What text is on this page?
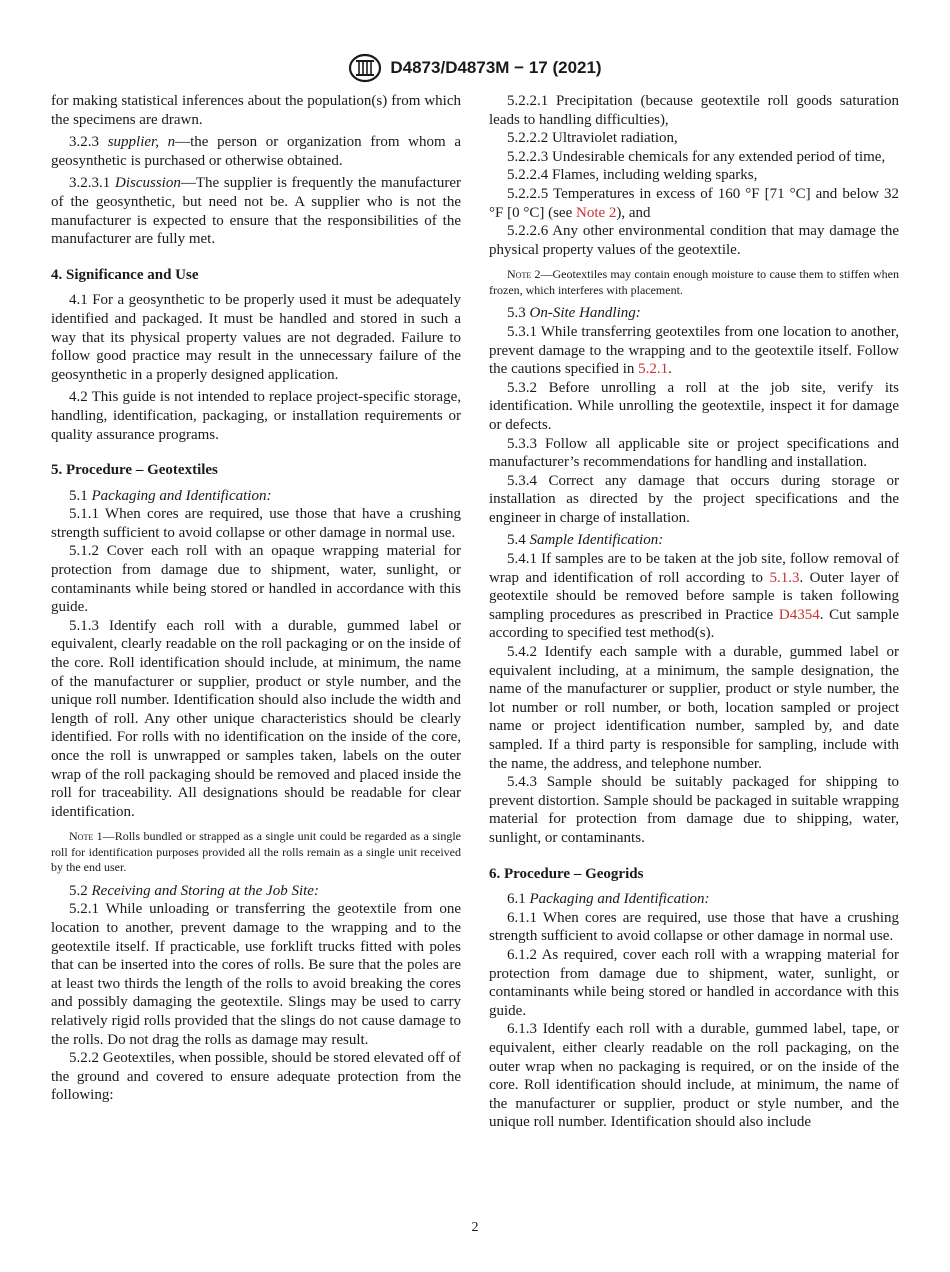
D4873/D4873M − 17 (2021)

for making statistical inferences about the population(s) from which the specimens are drawn.

3.2.3 supplier, n—the person or organization from whom a geosynthetic is purchased or otherwise obtained.

3.2.3.1 Discussion—The supplier is frequently the manufacturer of the geosynthetic, but need not be. A supplier who is not the manufacturer is expected to ensure that the responsibilities of the manufacturer are fully met.

4. Significance and Use

4.1 For a geosynthetic to be properly used it must be adequately identified and packaged. It must be handled and stored in such a way that its physical property values are not degraded. Failure to follow good practice may result in the unnecessary failure of the geosynthetic in a properly designed application.

4.2 This guide is not intended to replace project-specific storage, handling, identification, packaging, or installation requirements or quality assurance programs.

5. Procedure – Geotextiles

5.1 Packaging and Identification:

5.1.1 When cores are required, use those that have a crushing strength sufficient to avoid collapse or other damage in normal use.

5.1.2 Cover each roll with an opaque wrapping material for protection from damage due to shipment, water, sunlight, or contaminants while being stored or handled in accordance with this guide.

5.1.3 Identify each roll with a durable, gummed label or equivalent, clearly readable on the roll packaging or on the inside of the core. Roll identification should include, at minimum, the name of the manufacturer or supplier, product or style number, and the unique roll number. Identification should also include the width and length of roll. Any other unique characteristics should be clearly identified. For rolls with no identification on the inside of the core, once the roll is unwrapped or samples taken, labels on the outer wrap of the roll packaging should be removed and placed inside the roll for traceability. All designations should be readable for clear identification.

Note 1—Rolls bundled or strapped as a single unit could be regarded as a single roll for identification purposes provided all the rolls remain as a single unit received by the end user.

5.2 Receiving and Storing at the Job Site:

5.2.1 While unloading or transferring the geotextile from one location to another, prevent damage to the wrapping and to the geotextile itself. If practicable, use forklift trucks fitted with poles that can be inserted into the cores of rolls. Be sure that the poles are at least two thirds the length of the rolls to avoid breaking the cores and possibly damaging the geotextile. Slings may be used to carry relatively rigid rolls provided that the slings do not cause damage to the rolls. Do not drag the rolls as damage may result.

5.2.2 Geotextiles, when possible, should be stored elevated off of the ground and covered to ensure adequate protection from the following:

5.2.2.1 Precipitation (because geotextile roll goods saturation leads to handling difficulties),

5.2.2.2 Ultraviolet radiation,

5.2.2.3 Undesirable chemicals for any extended period of time,

5.2.2.4 Flames, including welding sparks,

5.2.2.5 Temperatures in excess of 160 °F [71 °C] and below 32 °F [0 °C] (see Note 2), and

5.2.2.6 Any other environmental condition that may damage the physical property values of the geotextile.

Note 2—Geotextiles may contain enough moisture to cause them to stiffen when frozen, which interferes with placement.

5.3 On-Site Handling:

5.3.1 While transferring geotextiles from one location to another, prevent damage to the wrapping and to the geotextile itself. Follow the cautions specified in 5.2.1.

5.3.2 Before unrolling a roll at the job site, verify its identification. While unrolling the geotextile, inspect it for damage or defects.

5.3.3 Follow all applicable site or project specifications and manufacturer’s recommendations for handling and installation.

5.3.4 Correct any damage that occurs during storage or installation as directed by the project specifications and the engineer in charge of installation.

5.4 Sample Identification:

5.4.1 If samples are to be taken at the job site, follow removal of wrap and identification of roll according to 5.1.3. Outer layer of geotextile should be removed before sample is taken following sampling procedures as prescribed in Practice D4354. Cut sample according to specified test method(s).

5.4.2 Identify each sample with a durable, gummed label or equivalent including, at a minimum, the sample designation, the name of the manufacturer or supplier, product or style number, the lot number or roll number, or both, location sampled or project name or project identification number, sampled by, and date sampled. If a third party is responsible for sampling, include with the name, the address, and telephone number.

5.4.3 Sample should be suitably packaged for shipping to prevent distortion. Sample should be packaged in suitable wrapping material for protection from damage due to shipping, water, sunlight, or contaminants.

6. Procedure – Geogrids

6.1 Packaging and Identification:

6.1.1 When cores are required, use those that have a crushing strength sufficient to avoid collapse or other damage in normal use.

6.1.2 As required, cover each roll with a wrapping material for protection from damage due to shipment, water, sunlight, or contaminants while being stored or handled in accordance with this guide.

6.1.3 Identify each roll with a durable, gummed label, tape, or equivalent, either clearly readable on the roll packaging, on the outer wrap when no packaging is required, or on the inside of the core. Roll identification should include, at minimum, the name of the manufacturer or supplier, product or style number, and the unique roll number. Identification should also include

2
